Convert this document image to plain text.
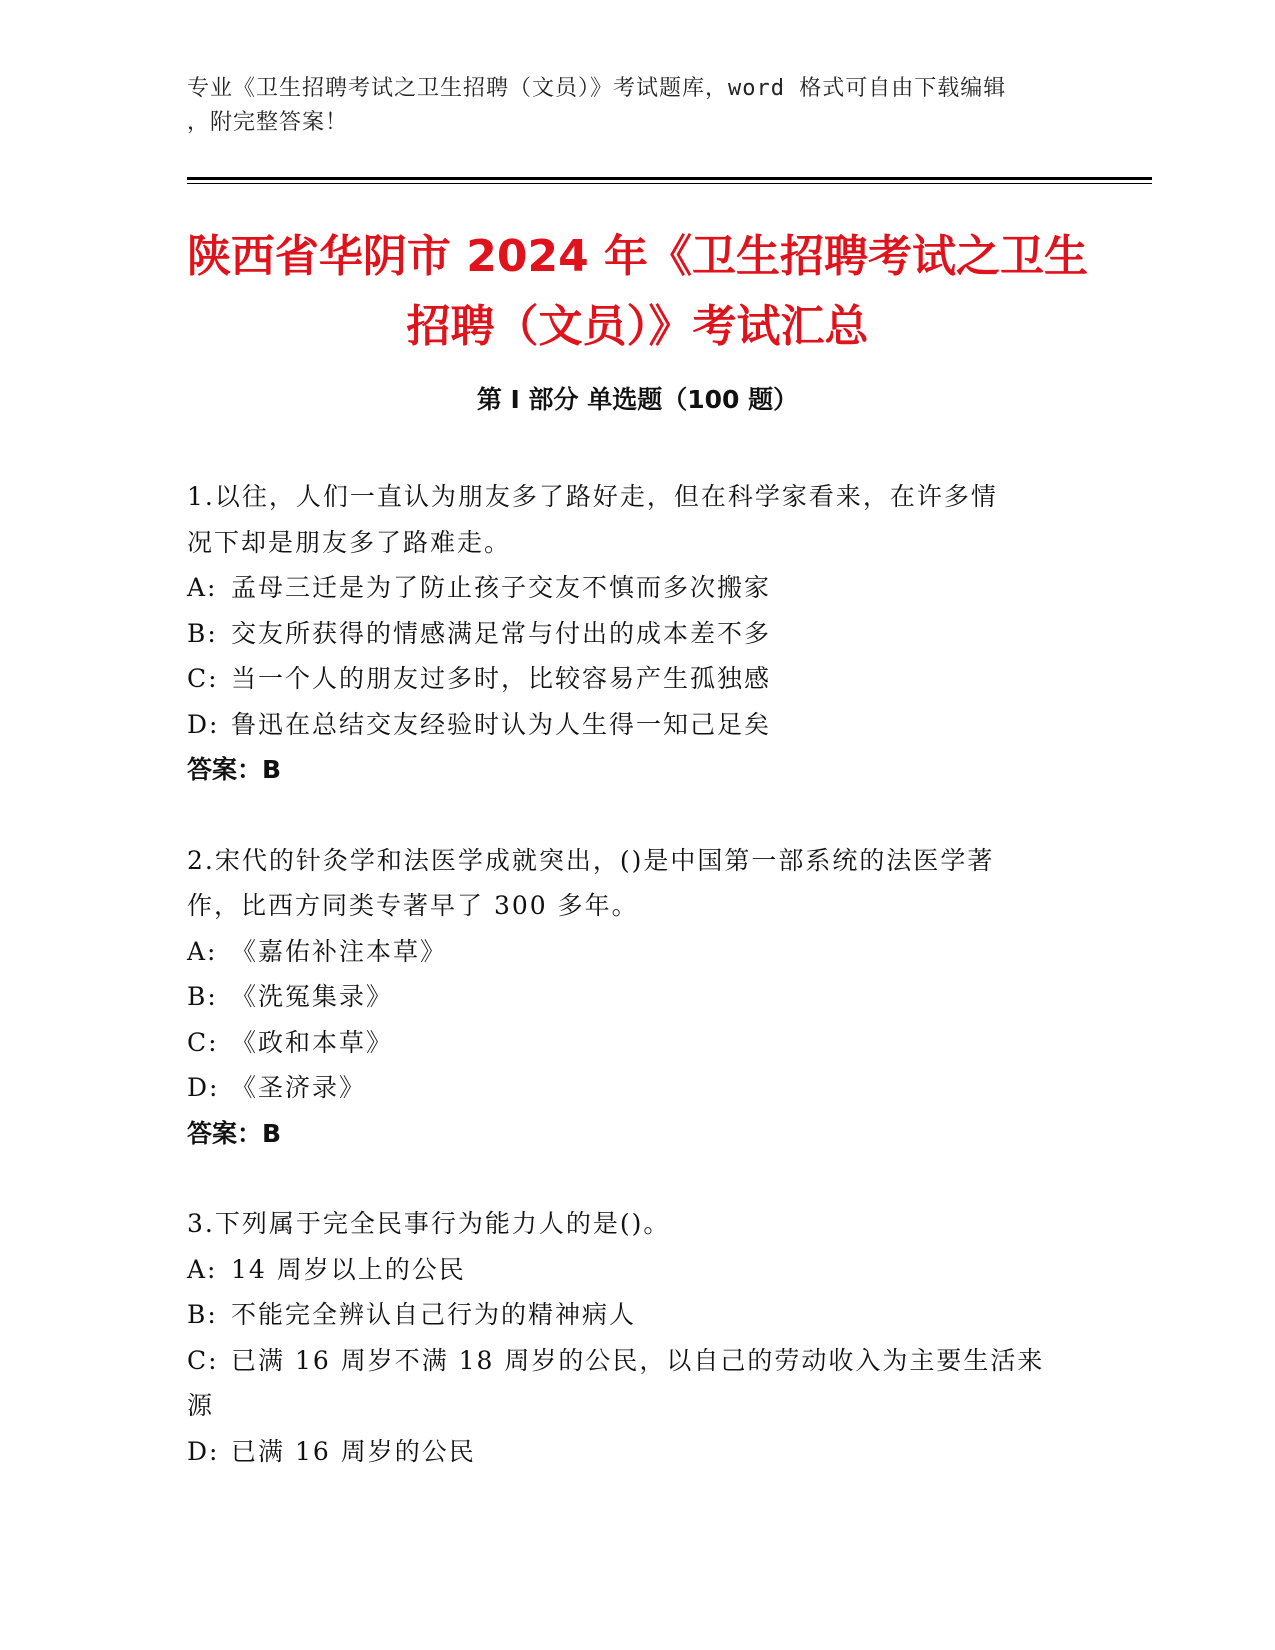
专业《卫生招聘考试之卫生招聘（文员）》考试题库，word 格式可自由下载编辑
，附完整答案！
陕西省华阴市 2024 年《卫生招聘考试之卫生
招聘（文员）》考试汇总
第 I 部分 单选题（100 题）

1.以往，人们一直认为朋友多了路好走，但在科学家看来，在许多情

况下却是朋友多了路难走。

A: 孟母三迁是为了防止孩子交友不慎而多次搬家

B: 交友所获得的情感满足常与付出的成本差不多

C: 当一个人的朋友过多时，比较容易产生孤独感

D: 鲁迅在总结交友经验时认为人生得一知己足矣

答案：B

2.宋代的针灸学和法医学成就突出，()是中国第一部系统的法医学著

作，比西方同类专著早了 300 多年。

A: 《嘉佑补注本草》

B: 《洗冤集录》

C: 《政和本草》

D: 《圣济录》

答案：B

3.下列属于完全民事行为能力人的是()。

A: 14 周岁以上的公民

B: 不能完全辨认自己行为的精神病人

C: 已满 16 周岁不满 18 周岁的公民，以自己的劳动收入为主要生活来

源

D: 已满 16 周岁的公民
